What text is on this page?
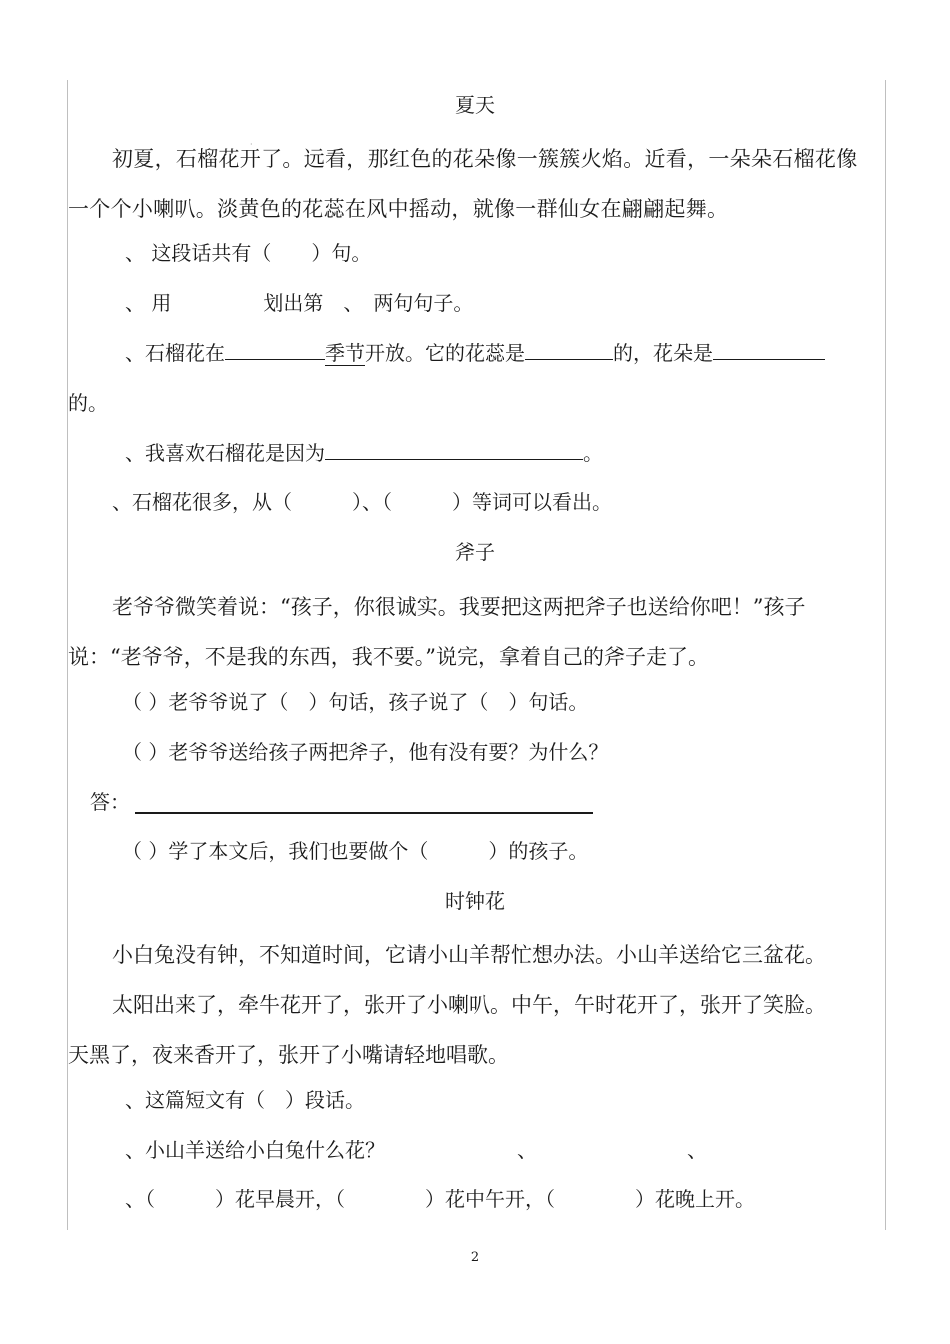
·
夏天
初夏，石榴花开了。远看，那红色的花朵像一簇簇火焰。近看，一朵朵石榴花像
一个个小喇叭。淡黄色的花蕊在风中摇动，就像一群仙女在翩翩起舞。
、 这段话共有（　　）句。
、 用	划出第　、　两句句子。
、石榴花在	季节开放。它的花蕊是	的，花朵是
的。
、我喜欢石榴花是因为	。
、石榴花很多，从（　　　）、（　　　）等词可以看出。
斧子
老爷爷微笑着说：“孩子，你很诚实。我要把这两把斧子也送给你吧！”孩子
说：“老爷爷，不是我的东西，我不要。”说完，拿着自己的斧子走了。
（ ）老爷爷说了（　）句话，孩子说了（　）句话。
（ ）老爷爷送给孩子两把斧子，他有没有要？为什么？
答：
（ ）学了本文后，我们也要做个（　　　）的孩子。
时钟花
小白兔没有钟，不知道时间，它请小山羊帮忙想办法。小山羊送给它三盆花。
太阳出来了，牵牛花开了，张开了小喇叭。中午，午时花开了，张开了笑脸。
天黑了，夜来香开了，张开了小嘴请轻地唱歌。
、这篇短文有（　）段话。
、小山羊送给小白兔什么花？	、	、
、（　　　）花早晨开，（　　　　）花中午开，（　　　　）花晚上开。
2
